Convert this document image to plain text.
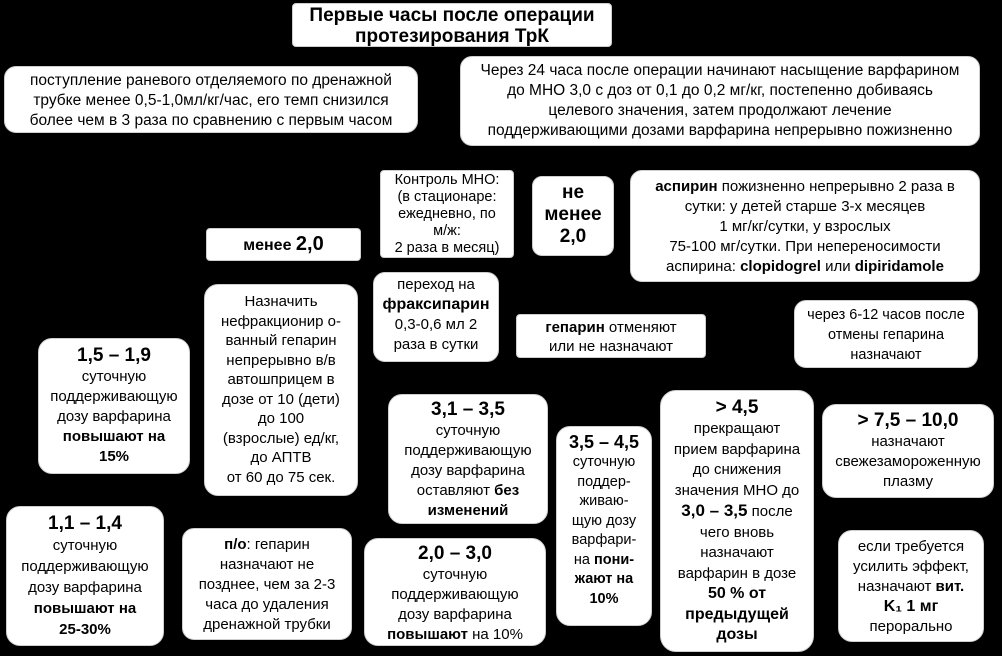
Первые часы после операции
протезирования ТрК
поступление раневого отделяемого по дренажной
трубке менее 0,5-1,0мл/кг/час, его темп снизился
более чем в 3 раза по сравнению с первым часом
Через 24 часа после операции начинают насыщение варфарином
до МНО 3,0 с доз от 0,1 до 0,2 мг/кг, постепенно добиваясь
целевого значения, затем продолжают лечение
поддерживающими дозами варфарина непрерывно пожизненно
Контроль МНО:
(в стационаре:
ежедневно, по
м/ж:
2 раза в месяц)
менее 2,0
не
менее
2,0
аспирин пожизненно непрерывно 2 раза в
сутки: у детей старше 3-х месяцев
1 мг/кг/сутки, у взрослых
75-100 мг/сутки. При непереносимости
аспирина: clopidogrel или dipiridamole
Назначить
нефракционир о-
ванный гепарин
непрерывно в/в
автошприцем в
дозе от 10 (дети)
до 100
(взрослые) ед/кг,
до АПТВ
от 60 до 75 сек.
переход на
фраксипарин
0,3-0,6 мл 2
раза в сутки
гепарин отменяют
или не назначают
через 6-12 часов после
отмены гепарина
назначают
1,5 – 1,9
суточную
поддерживающую
дозу варфарина
повышают на
15%
1,1 – 1,4
суточную
поддерживающую
дозу варфарина
повышают на
25-30%
п/о: гепарин
назначают не
позднее, чем за 2-3
часа до удаления
дренажной трубки
3,1 – 3,5
суточную
поддерживающую
дозу варфарина
оставляют без
изменений
2,0 – 3,0
суточную
поддерживающую
дозу варфарина
повышают на 10%
3,5 – 4,5
суточную
поддер-
живаю-
щую дозу
варфари-
на пони-
жают на
10%
> 4,5
прекращают
прием варфарина
до снижения
значения МНО до
3,0 – 3,5 после
чего вновь
назначают
варфарин в дозе
50 % от
предыдущей
дозы
> 7,5 – 10,0
назначают
свежезамороженную
плазму
если требуется
усилить эффект,
назначают вит.
K₁ 1 мг
перорально
